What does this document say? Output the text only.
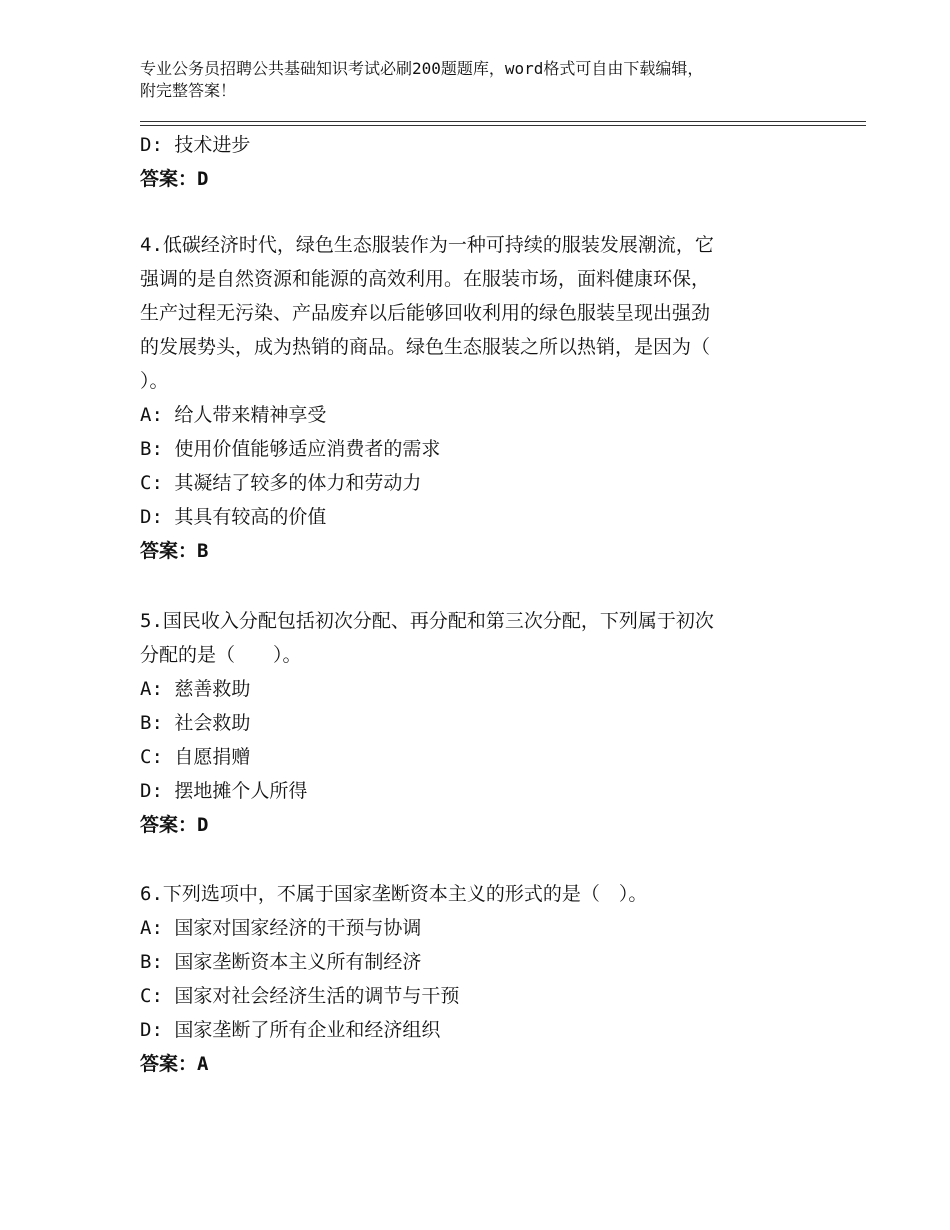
专业公务员招聘公共基础知识考试必刷200题题库，word格式可自由下载编辑，
附完整答案！
D: 技术进步
答案：D
4.低碳经济时代，绿色生态服装作为一种可持续的服装发展潮流，它
强调的是自然资源和能源的高效利用。在服装市场，面料健康环保，
生产过程无污染、产品废弃以后能够回收利用的绿色服装呈现出强劲
的发展势头，成为热销的商品。绿色生态服装之所以热销，是因为（
）。
A: 给人带来精神享受
B: 使用价值能够适应消费者的需求
C: 其凝结了较多的体力和劳动力
D: 其具有较高的价值
答案：B
5.国民收入分配包括初次分配、再分配和第三次分配，下列属于初次
分配的是（　　）。
A: 慈善救助
B: 社会救助
C: 自愿捐赠
D: 摆地摊个人所得
答案：D
6.下列选项中，不属于国家垄断资本主义的形式的是（　）。
A: 国家对国家经济的干预与协调
B: 国家垄断资本主义所有制经济
C: 国家对社会经济生活的调节与干预
D: 国家垄断了所有企业和经济组织
答案：A
